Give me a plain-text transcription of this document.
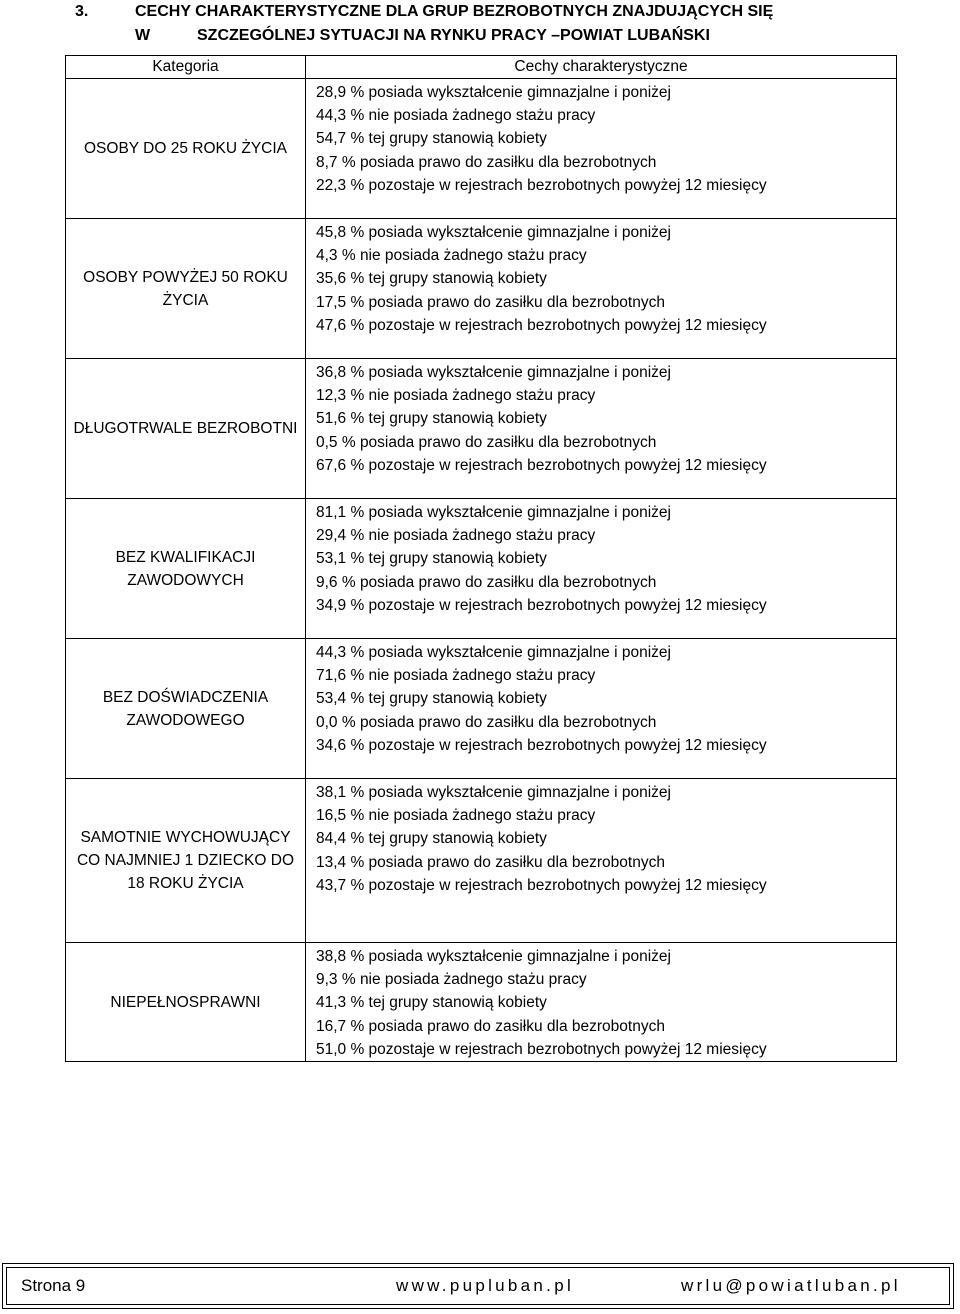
3.	CECHY CHARAKTERYSTYCZNE DLA GRUP BEZROBOTNYCH ZNAJDUJĄCYCH SIĘ
W	SZCZEGÓLNEJ SYTUACJI NA RYNKU PRACY –POWIAT LUBAŃSKI
Kategoria	Cechy charakterystyczne

OSOBY DO 25 ROKU ŻYCIA	28,9 % posiada wykształcenie gimnazjalne i poniżej
44,3 % nie posiada żadnego stażu pracy
54,7 % tej grupy stanowią kobiety
8,7 % posiada prawo do zasiłku dla bezrobotnych
22,3 % pozostaje w rejestrach bezrobotnych powyżej 12 miesięcy

OSOBY POWYŻEJ 50 ROKU ŻYCIA	45,8 % posiada wykształcenie gimnazjalne i poniżej
4,3 % nie posiada żadnego stażu pracy
35,6 % tej grupy stanowią kobiety
17,5 % posiada prawo do zasiłku dla bezrobotnych
47,6 % pozostaje w rejestrach bezrobotnych powyżej 12 miesięcy

DŁUGOTRWALE BEZROBOTNI	36,8 % posiada wykształcenie gimnazjalne i poniżej
12,3 % nie posiada żadnego stażu pracy
51,6 % tej grupy stanowią kobiety
0,5 % posiada prawo do zasiłku dla bezrobotnych
67,6 % pozostaje w rejestrach bezrobotnych powyżej 12 miesięcy

BEZ KWALIFIKACJI ZAWODOWYCH	81,1 % posiada wykształcenie gimnazjalne i poniżej
29,4 % nie posiada żadnego stażu pracy
53,1 % tej grupy stanowią kobiety
9,6 % posiada prawo do zasiłku dla bezrobotnych
34,9 % pozostaje w rejestrach bezrobotnych powyżej 12 miesięcy

BEZ DOŚWIADCZENIA ZAWODOWEGO	44,3 % posiada wykształcenie gimnazjalne i poniżej
71,6 % nie posiada żadnego stażu pracy
53,4 % tej grupy stanowią kobiety
0,0 % posiada prawo do zasiłku dla bezrobotnych
34,6 % pozostaje w rejestrach bezrobotnych powyżej 12 miesięcy

SAMOTNIE WYCHOWUJĄCY CO NAJMNIEJ 1 DZIECKO DO 18 ROKU ŻYCIA	38,1 % posiada wykształcenie gimnazjalne i poniżej
16,5 % nie posiada żadnego stażu pracy
84,4 % tej grupy stanowią kobiety
13,4 % posiada prawo do zasiłku dla bezrobotnych
43,7 % pozostaje w rejestrach bezrobotnych powyżej 12 miesięcy

NIEPEŁNOSPRAWNI	38,8 % posiada wykształcenie gimnazjalne i poniżej
9,3 % nie posiada żadnego stażu pracy
41,3 % tej grupy stanowią kobiety
16,7 % posiada prawo do zasiłku dla bezrobotnych
51,0 % pozostaje w rejestrach bezrobotnych powyżej 12 miesięcy
Strona 9	www.pupluban.pl	wrlu@powiatluban.pl
